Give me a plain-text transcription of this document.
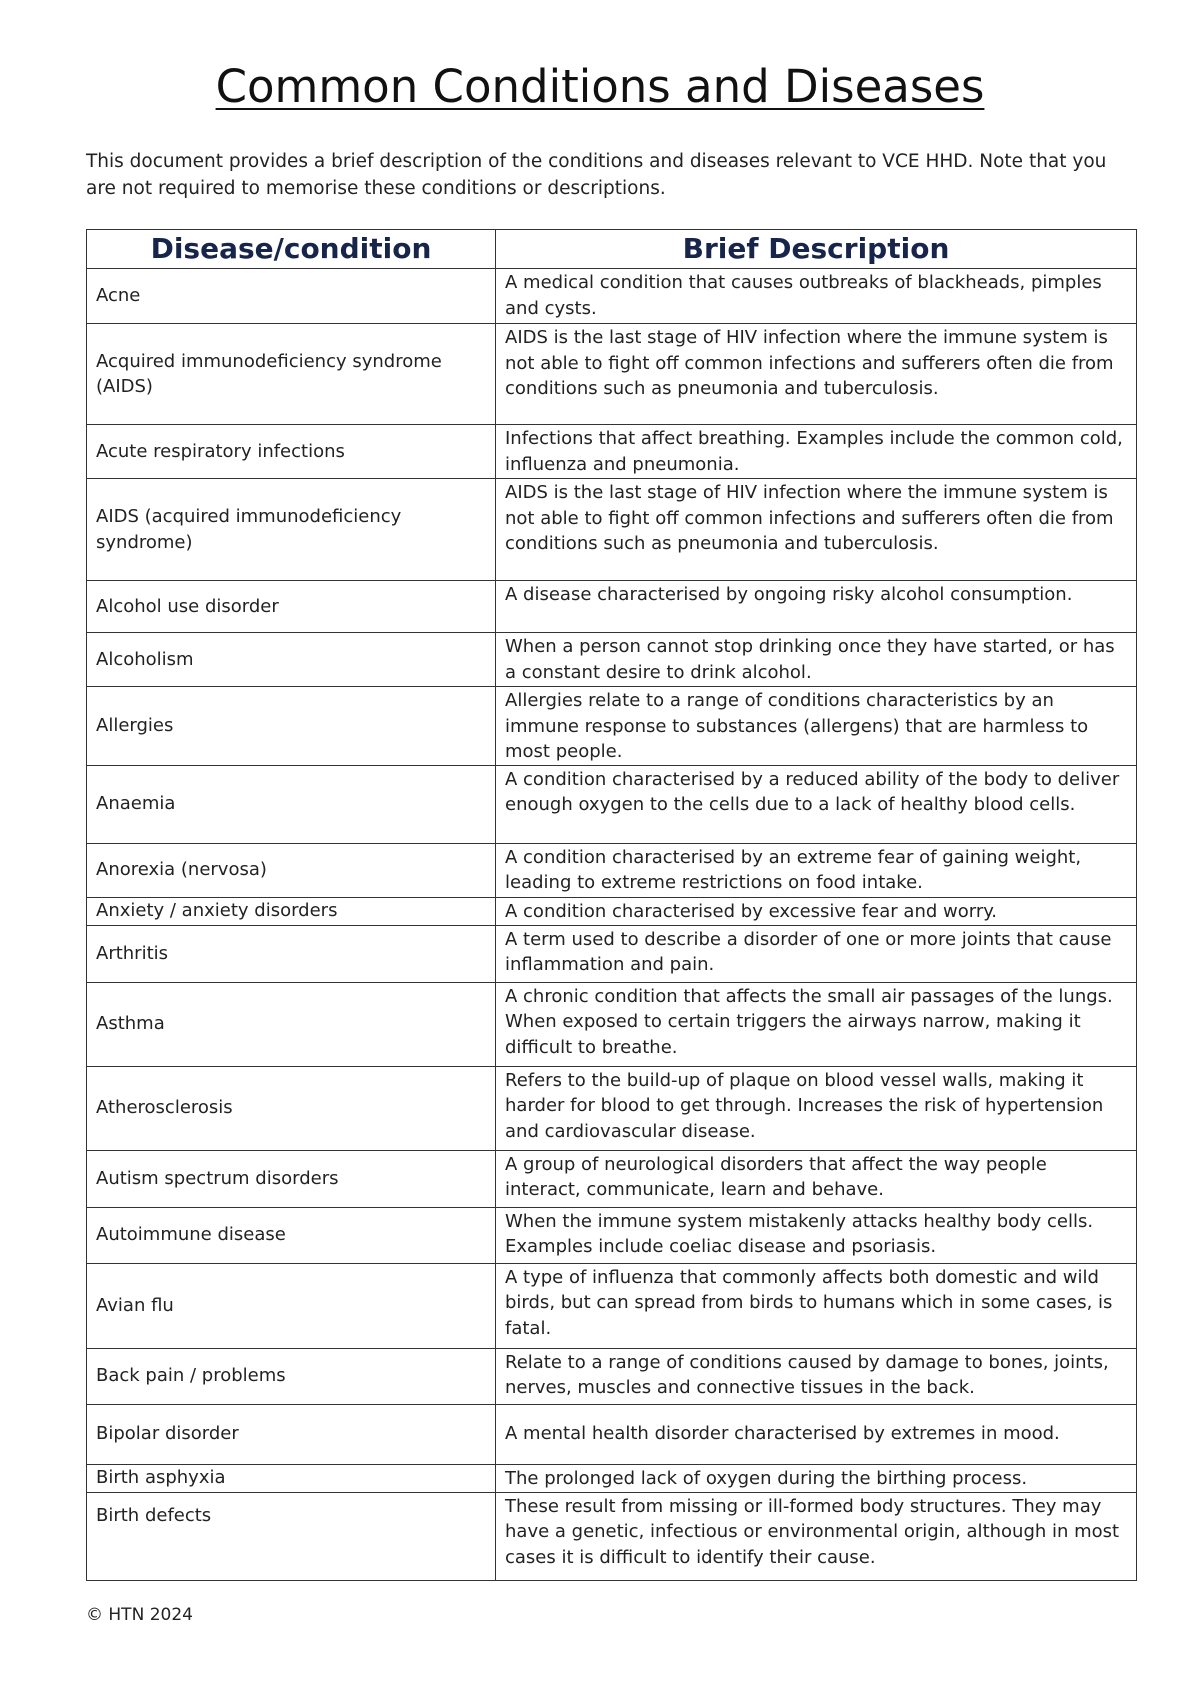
Common Conditions and Diseases
This document provides a brief description of the conditions and diseases relevant to VCE HHD. Note that you are not required to memorise these conditions or descriptions.
Disease/condition	Brief Description
Acne	A medical condition that causes outbreaks of blackheads, pimples and cysts.
Acquired immunodeficiency syndrome (AIDS)	AIDS is the last stage of HIV infection where the immune system is not able to fight off common infections and sufferers often die from conditions such as pneumonia and tuberculosis.
Acute respiratory infections	Infections that affect breathing. Examples include the common cold, influenza and pneumonia.
AIDS (acquired immunodeficiency syndrome)	AIDS is the last stage of HIV infection where the immune system is not able to fight off common infections and sufferers often die from conditions such as pneumonia and tuberculosis.
Alcohol use disorder	A disease characterised by ongoing risky alcohol consumption.
Alcoholism	When a person cannot stop drinking once they have started, or has a constant desire to drink alcohol.
Allergies	Allergies relate to a range of conditions characteristics by an immune response to substances (allergens) that are harmless to most people.
Anaemia	A condition characterised by a reduced ability of the body to deliver enough oxygen to the cells due to a lack of healthy blood cells.
Anorexia (nervosa)	A condition characterised by an extreme fear of gaining weight, leading to extreme restrictions on food intake.
Anxiety / anxiety disorders	A condition characterised by excessive fear and worry.
Arthritis	A term used to describe a disorder of one or more joints that cause inflammation and pain.
Asthma	A chronic condition that affects the small air passages of the lungs. When exposed to certain triggers the airways narrow, making it difficult to breathe.
Atherosclerosis	Refers to the build-up of plaque on blood vessel walls, making it harder for blood to get through. Increases the risk of hypertension and cardiovascular disease.
Autism spectrum disorders	A group of neurological disorders that affect the way people interact, communicate, learn and behave.
Autoimmune disease	When the immune system mistakenly attacks healthy body cells. Examples include coeliac disease and psoriasis.
Avian flu	A type of influenza that commonly affects both domestic and wild birds, but can spread from birds to humans which in some cases, is fatal.
Back pain / problems	Relate to a range of conditions caused by damage to bones, joints, nerves, muscles and connective tissues in the back.
Bipolar disorder	A mental health disorder characterised by extremes in mood.
Birth asphyxia	The prolonged lack of oxygen during the birthing process.
Birth defects	These result from missing or ill-formed body structures. They may have a genetic, infectious or environmental origin, although in most cases it is difficult to identify their cause.
© HTN 2024
